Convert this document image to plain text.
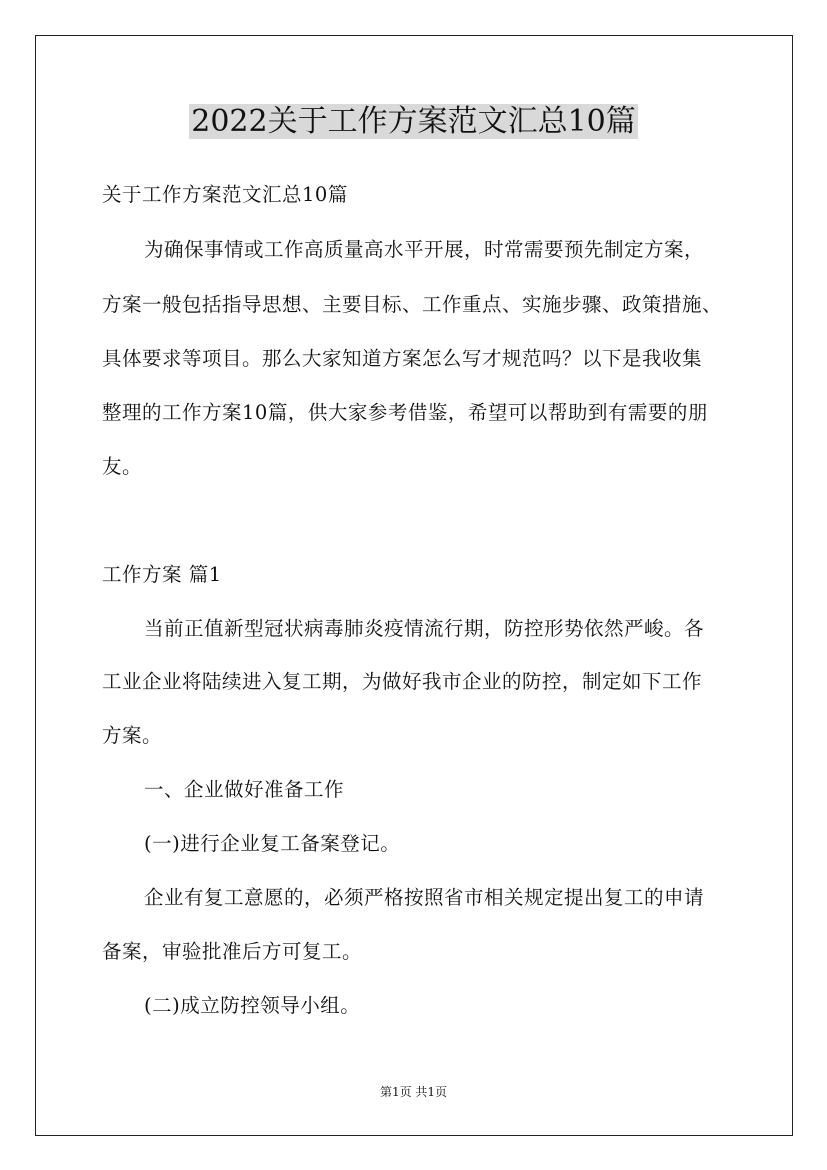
2022关于工作方案范文汇总10篇
关于工作方案范文汇总10篇
为确保事情或工作高质量高水平开展，时常需要预先制定方案，
方案一般包括指导思想、主要目标、工作重点、实施步骤、政策措施、
具体要求等项目。那么大家知道方案怎么写才规范吗？以下是我收集
整理的工作方案10篇，供大家参考借鉴，希望可以帮助到有需要的朋
友。
工作方案 篇1
当前正值新型冠状病毒肺炎疫情流行期，防控形势依然严峻。各
工业企业将陆续进入复工期，为做好我市企业的防控，制定如下工作
方案。
一、企业做好准备工作
(一)进行企业复工备案登记。
企业有复工意愿的，必须严格按照省市相关规定提出复工的申请
备案，审验批准后方可复工。
(二)成立防控领导小组。
第1页 共1页
